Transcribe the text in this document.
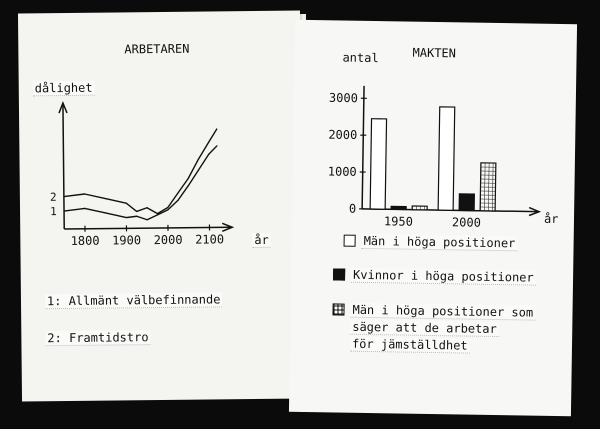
ARBETAREN
dålighet
1800 1900 2000 2100
1
2
år
1: Allmänt välbefinnande
2: Framtidstro
MAKTEN
antal
0
1000
2000
3000
1950	2000	år
Män i höga positioner
Kvinnor i höga positioner
Män i höga positioner som
säger att de arbetar
för jämställdhet
